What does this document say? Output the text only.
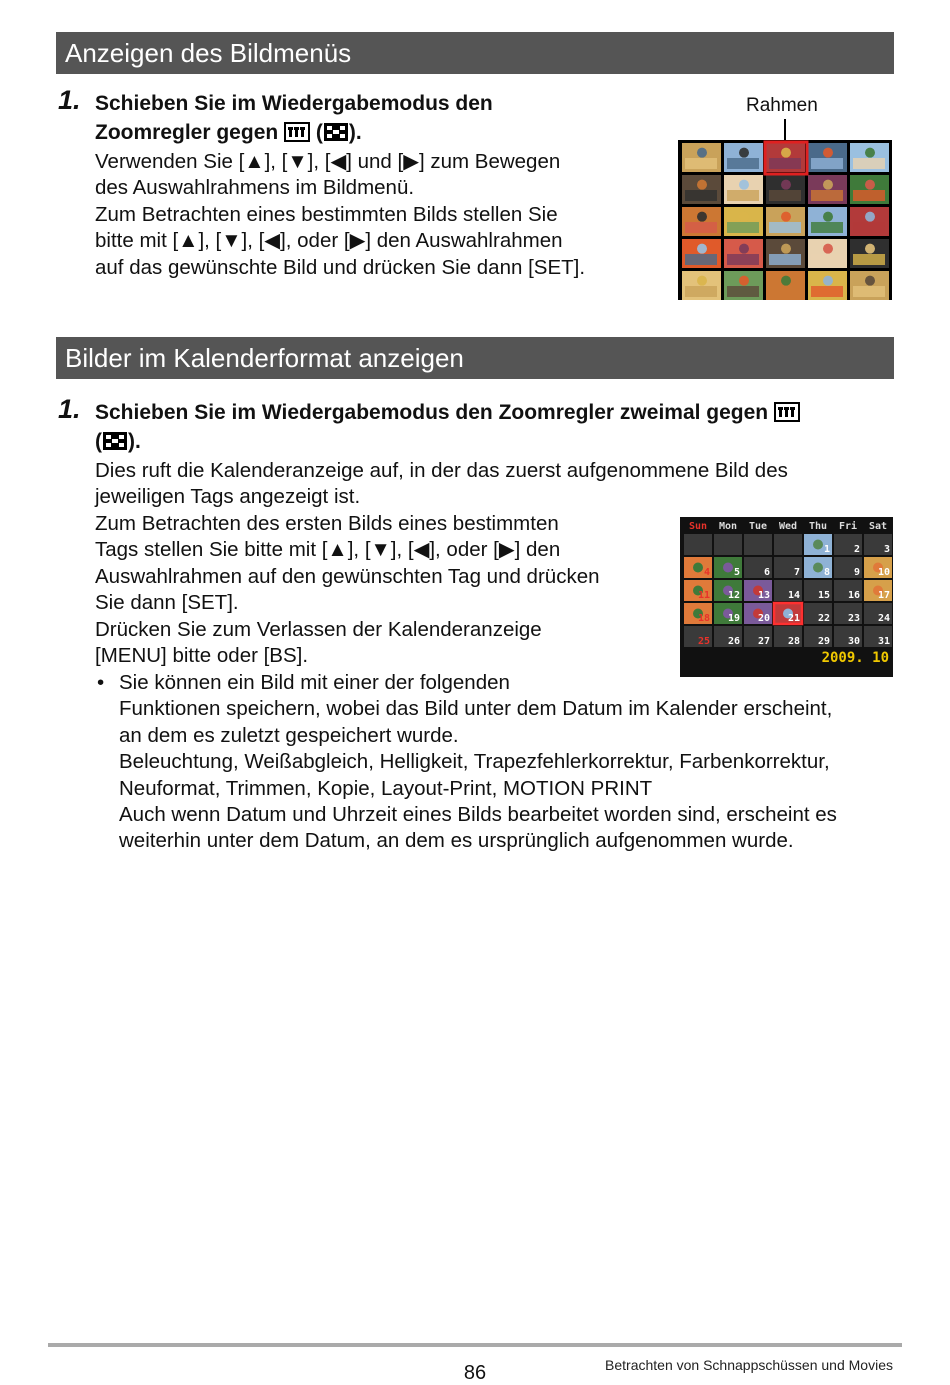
Anzeigen des Bildmenüs
1. Schieben Sie im Wiedergabemodus den
Zoomregler gegen  ( ).

Verwenden Sie [▲], [▼], [◀] und [▶] zum Bewegen

des Auswahlrahmens im Bildmenü.

Zum Betrachten eines bestimmten Bilds stellen Sie

bitte mit [▲], [▼], [◀], oder [▶] den Auswahlrahmen

auf das gewünschte Bild und drücken Sie dann [SET].

Rahmen
Bilder im Kalenderformat anzeigen
1. Schieben Sie im Wiedergabemodus den Zoomregler zweimal gegen
( ).

Dies ruft die Kalenderanzeige auf, in der das zuerst aufgenommene Bild des

jeweiligen Tags angezeigt ist.

Zum Betrachten des ersten Bilds eines bestimmten

Tags stellen Sie bitte mit [▲], [▼], [◀], oder [▶] den

Auswahlrahmen auf den gewünschten Tag und drücken

Sie dann [SET].

Drücken Sie zum Verlassen der Kalenderanzeige

[MENU] bitte oder [BS].

• Sie können ein Bild mit einer der folgenden

Funktionen speichern, wobei das Bild unter dem Datum im Kalender erscheint,

an dem es zuletzt gespeichert wurde.

Beleuchtung, Weißabgleich, Helligkeit, Trapezfehlerkorrektur, Farbenkorrektur,

Neuformat, Trimmen, Kopie, Layout-Print, MOTION PRINT

Auch wenn Datum und Uhrzeit eines Bilds bearbeitet worden sind, erscheint es

weiterhin unter dem Datum, an dem es ursprünglich aufgenommen wurde.

Sun Mon Tue Wed Thu Fri Sat
1 2 3
4 5 6 7 8 9 10
11 12 13 14 15 16 17
18 19 20 21 22 23 24
25 26 27 28 29 30 31
2009. 10
86	Betrachten von Schnappschüssen und Movies
